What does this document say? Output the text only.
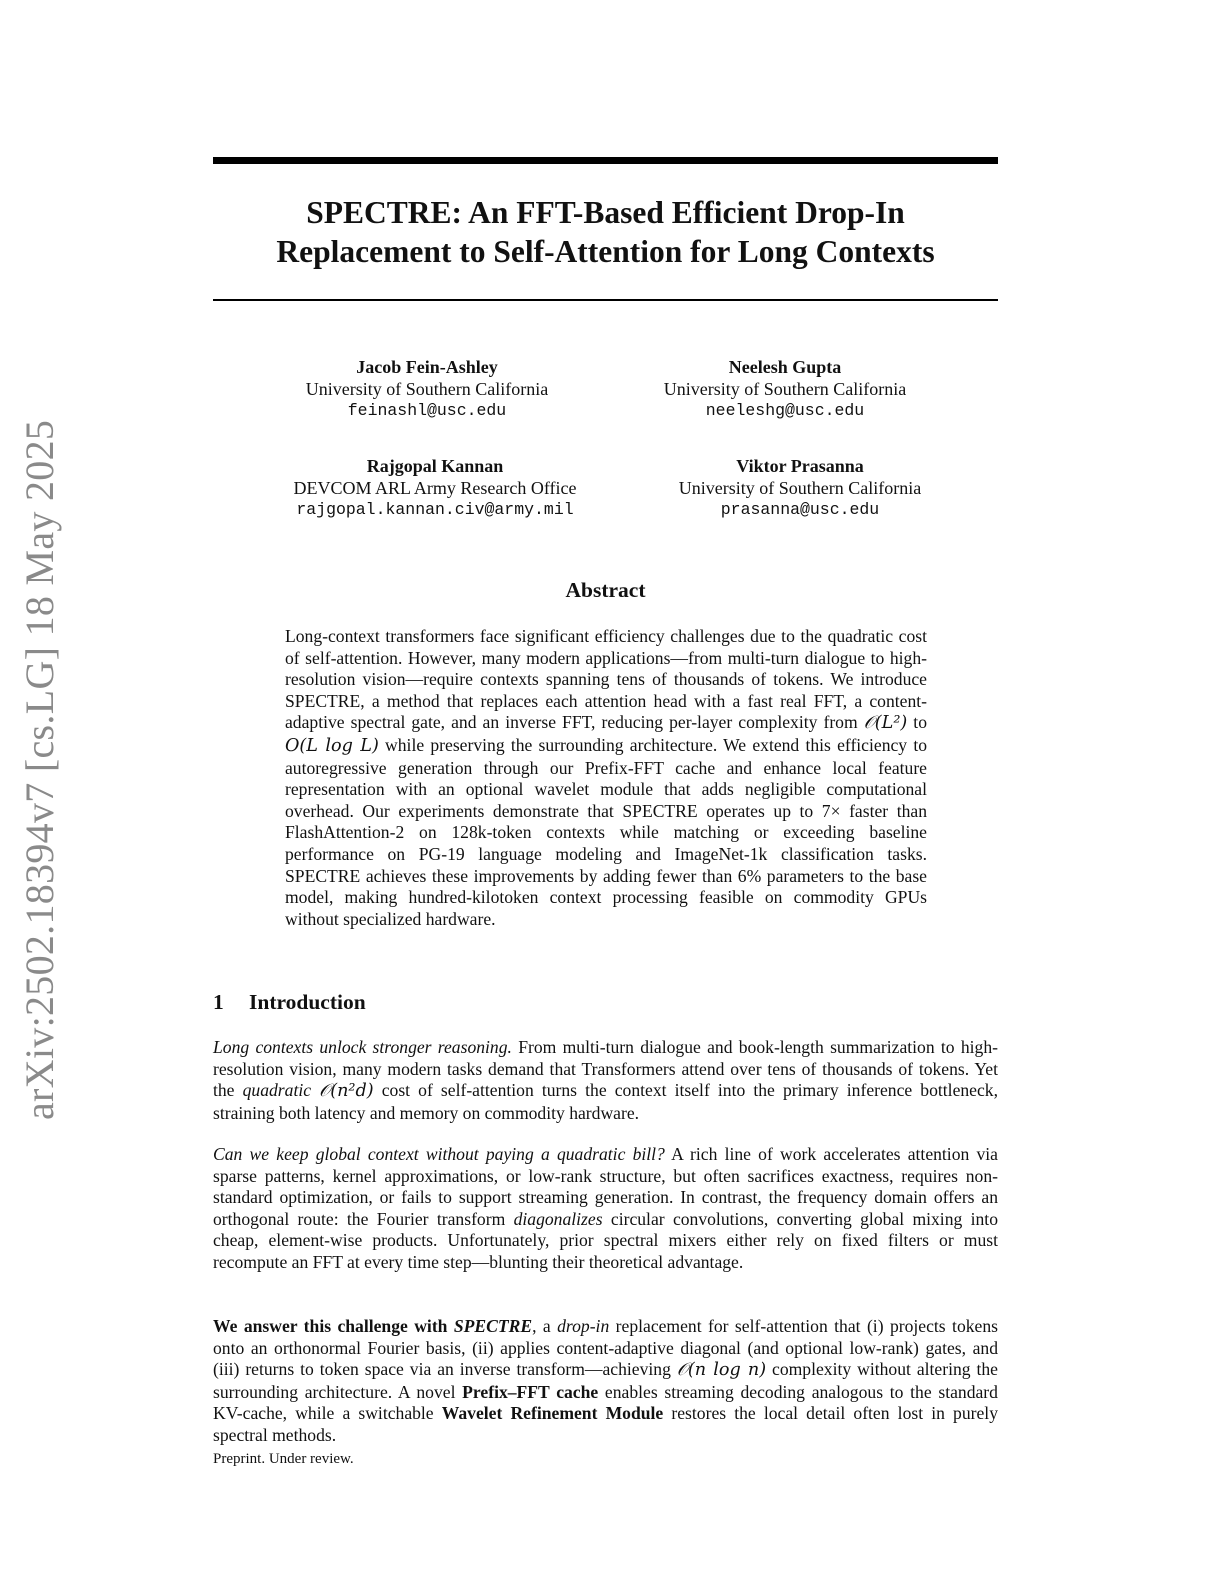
arXiv:2502.18394v7 [cs.LG] 18 May 2025
SPECTRE: An FFT-Based Efficient Drop-In
Replacement to Self-Attention for Long Contexts
Jacob Fein-Ashley
University of Southern California
feinashl@usc.edu
Neelesh Gupta
University of Southern California
neeleshg@usc.edu
Rajgopal Kannan
DEVCOM ARL Army Research Office
rajgopal.kannan.civ@army.mil
Viktor Prasanna
University of Southern California
prasanna@usc.edu
Abstract
Long-context transformers face significant efficiency challenges due to the quadratic cost of self-attention. However, many modern applications—from multi-turn dialogue to high-resolution vision—require contexts spanning tens of thousands of tokens. We introduce SPECTRE, a method that replaces each attention head with a fast real FFT, a content-adaptive spectral gate, and an inverse FFT, reducing per-layer complexity from 𝒪(L²) to O(L log L) while preserving the surrounding architecture. We extend this efficiency to autoregressive generation through our Prefix-FFT cache and enhance local feature representation with an optional wavelet module that adds negligible computational overhead. Our experiments demonstrate that SPECTRE operates up to 7× faster than FlashAttention-2 on 128k-token contexts while matching or exceeding baseline performance on PG-19 language modeling and ImageNet-1k classification tasks. SPECTRE achieves these improvements by adding fewer than 6% parameters to the base model, making hundred-kilotoken context processing feasible on commodity GPUs without specialized hardware.
1 Introduction
Long contexts unlock stronger reasoning. From multi-turn dialogue and book-length summarization to high-resolution vision, many modern tasks demand that Transformers attend over tens of thousands of tokens. Yet the quadratic 𝒪(n²d) cost of self-attention turns the context itself into the primary inference bottleneck, straining both latency and memory on commodity hardware.
Can we keep global context without paying a quadratic bill? A rich line of work accelerates attention via sparse patterns, kernel approximations, or low-rank structure, but often sacrifices exactness, requires non-standard optimization, or fails to support streaming generation. In contrast, the frequency domain offers an orthogonal route: the Fourier transform diagonalizes circular convolutions, converting global mixing into cheap, element-wise products. Unfortunately, prior spectral mixers either rely on fixed filters or must recompute an FFT at every time step—blunting their theoretical advantage.
We answer this challenge with SPECTRE, a drop-in replacement for self-attention that (i) projects tokens onto an orthonormal Fourier basis, (ii) applies content-adaptive diagonal (and optional low-rank) gates, and (iii) returns to token space via an inverse transform—achieving 𝒪(n log n) complexity without altering the surrounding architecture. A novel Prefix–FFT cache enables streaming decoding analogous to the standard KV-cache, while a switchable Wavelet Refinement Module restores the local detail often lost in purely spectral methods.
Preprint. Under review.
